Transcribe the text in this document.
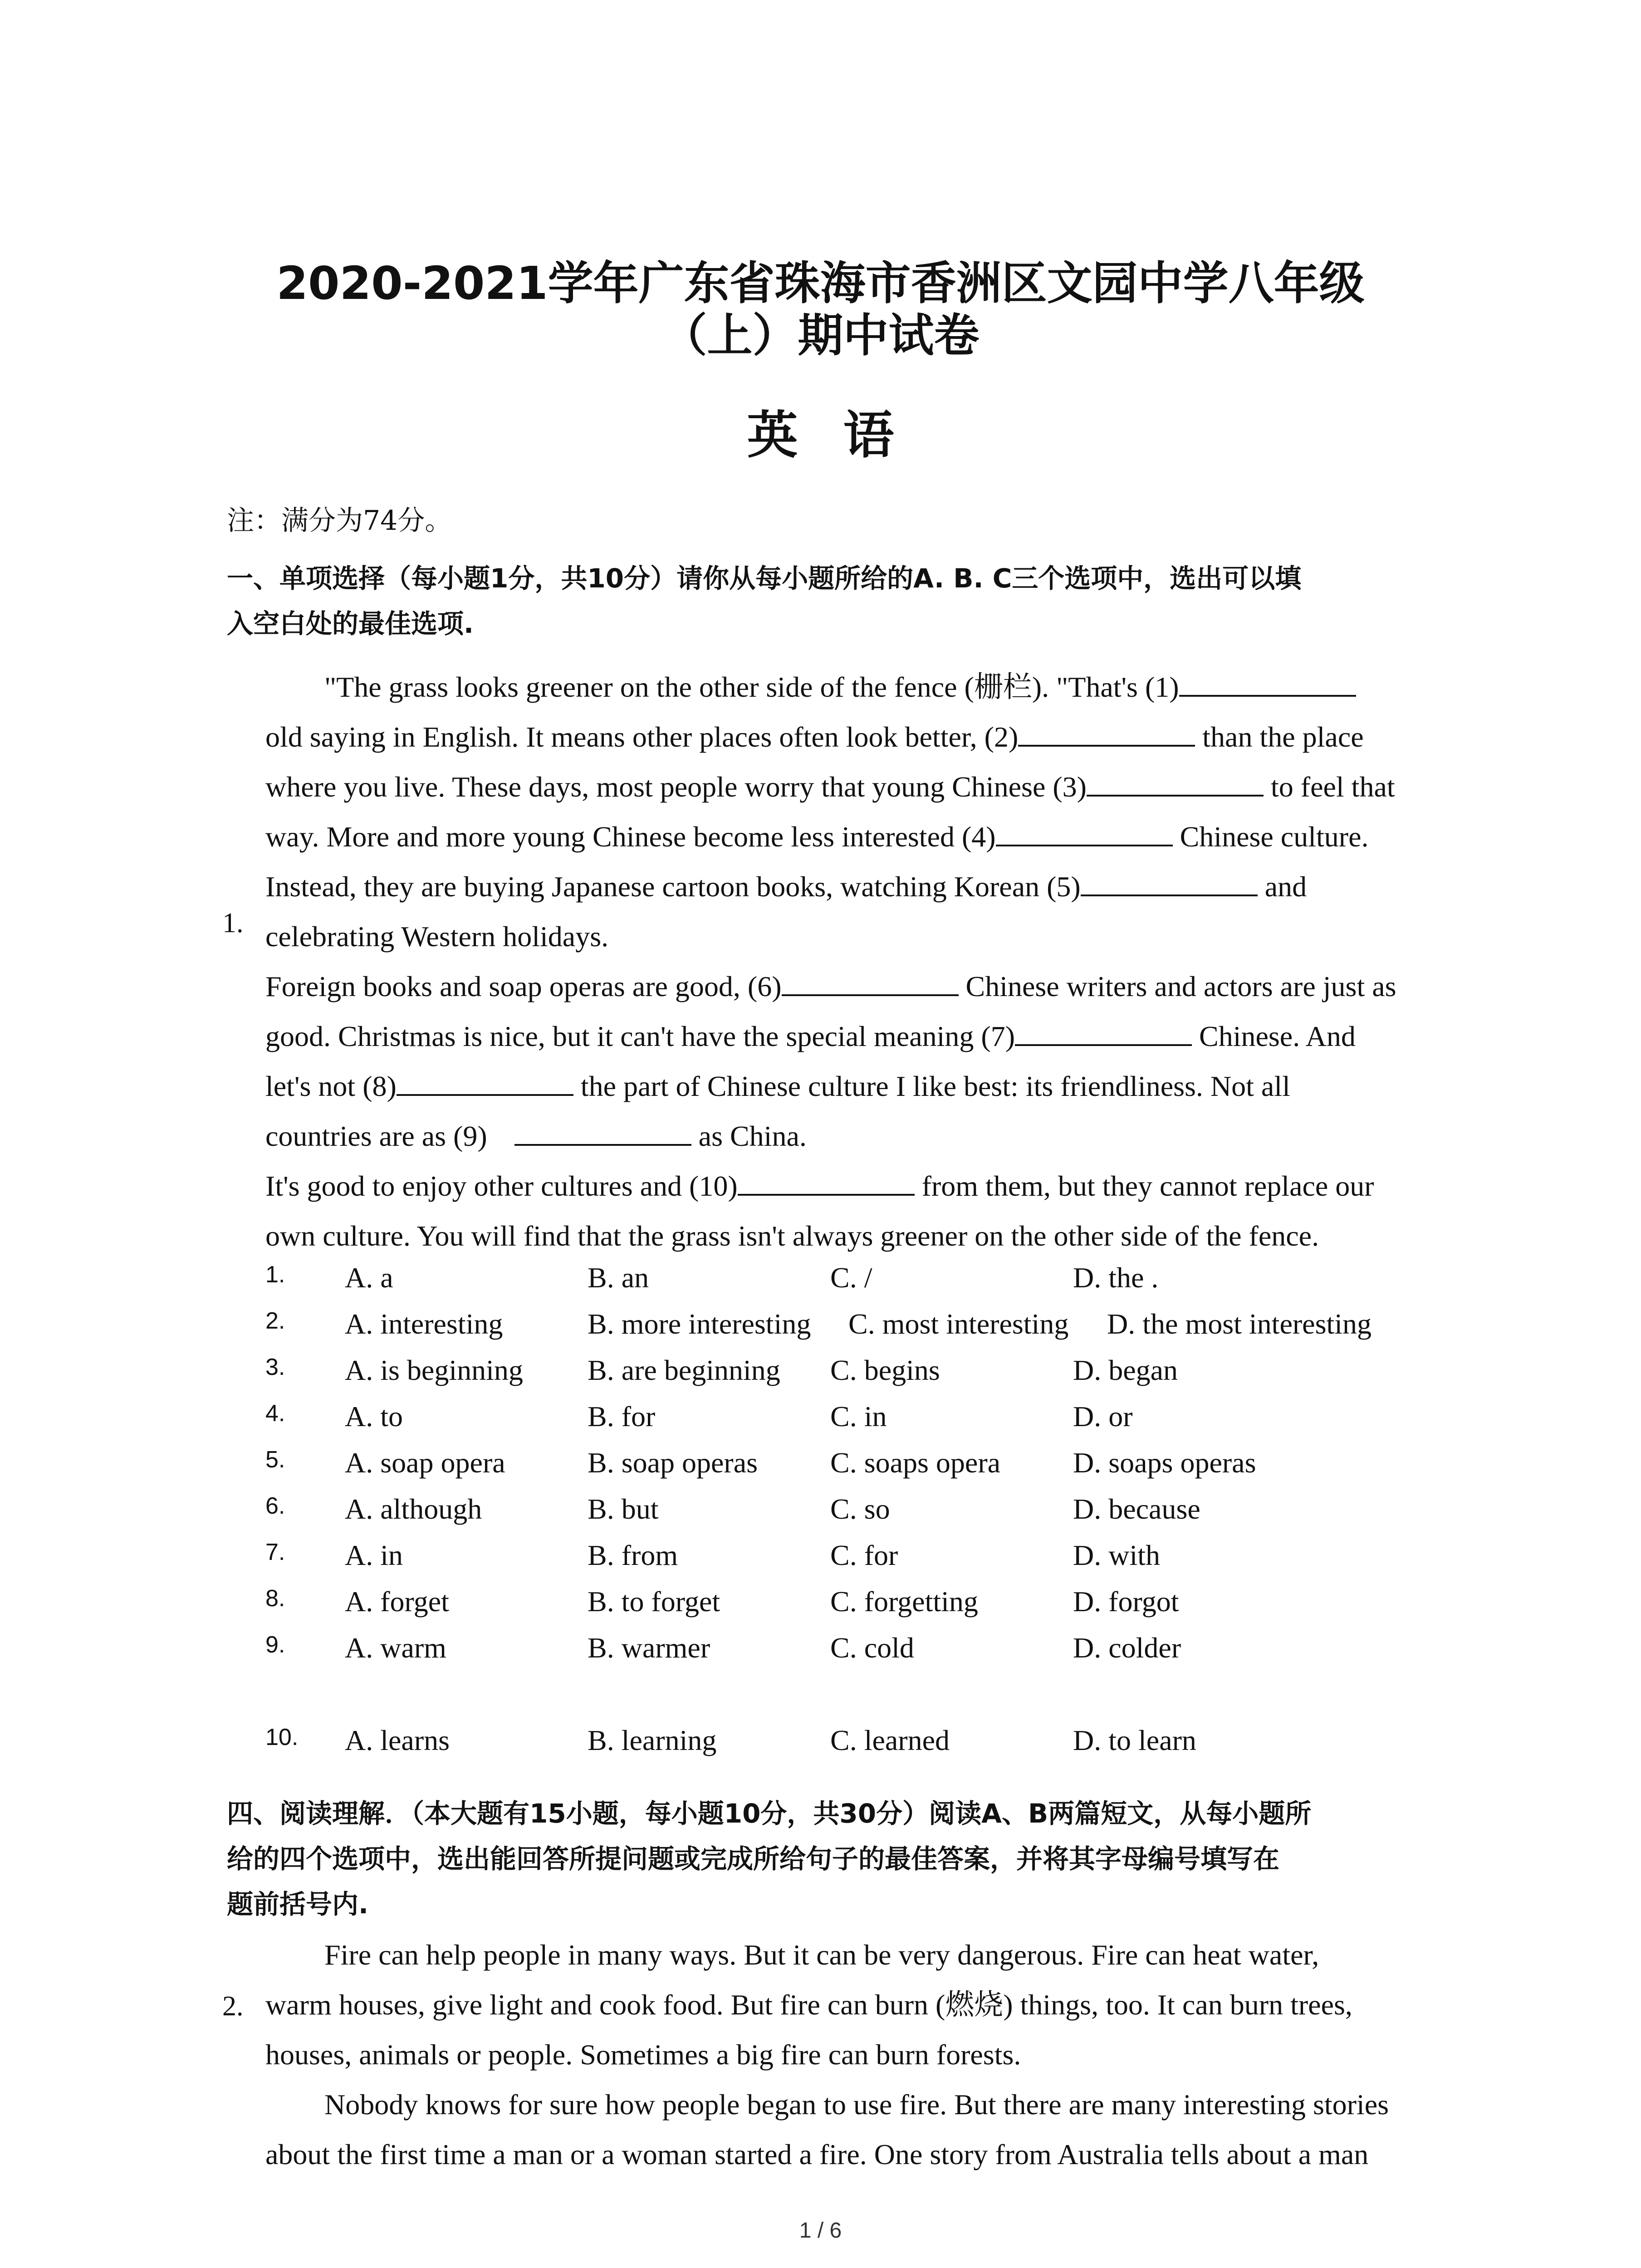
2020-2021学年广东省珠海市香洲区文园中学八年级
（上）期中试卷
英语
注：满分为74分。
一、单项选择（每小题1分，共10分）请你从每小题所给的A. B. C三个选项中，选出可以填
入空白处的最佳选项.
1.
"The grass looks greener on the other side of the fence (栅栏). "That's (1)
old saying in English. It means other places often look better, (2)	than the place
where you live. These days, most people worry that young Chinese (3)	to feel that
way. More and more young Chinese become less interested (4)	Chinese culture.
Instead, they are buying Japanese cartoon books, watching Korean (5)	and
celebrating Western holidays.
Foreign books and soap operas are good, (6)	Chinese writers and actors are just as
good. Christmas is nice, but it can't have the special meaning (7)	Chinese. And
let's not (8)	the part of Chinese culture I like best: its friendliness. Not all
countries are as (9)	as China.
It's good to enjoy other cultures and (10)	from them, but they cannot replace our
own culture. You will find that the grass isn't always greener on the other side of the fence.
1. A. a	B. an	C. /	D. the .
2. A. interesting	B. more interesting C. most interesting D. the most interesting
3. A. is beginning B. are beginning C. begins	D. began
4. A. to	B. for	C. in	D. or
5. A. soap opera	B. soap operas C. soaps opera D. soaps operas
6. A. although	B. but	C. so	D. because
7. A. in	B. from	C. for	D. with
8. A. forget	B. to forget	C. forgetting	D. forgot
9. A. warm	B. warmer	C. cold	D. colder
10. A. learns	B. learning	C. learned	D. to learn
四、阅读理解．（本大题有15小题，每小题10分，共30分）阅读A、B两篇短文，从每小题所
给的四个选项中，选出能回答所提问题或完成所给句子的最佳答案，并将其字母编号填写在
题前括号内.
2.
Fire can help people in many ways. But it can be very dangerous. Fire can heat water,
warm houses, give light and cook food. But fire can burn (燃烧) things, too. It can burn trees,
houses, animals or people. Sometimes a big fire can burn forests.
Nobody knows for sure how people began to use fire. But there are many interesting stories
about the first time a man or a woman started a fire. One story from Australia tells about a man
1 / 6
